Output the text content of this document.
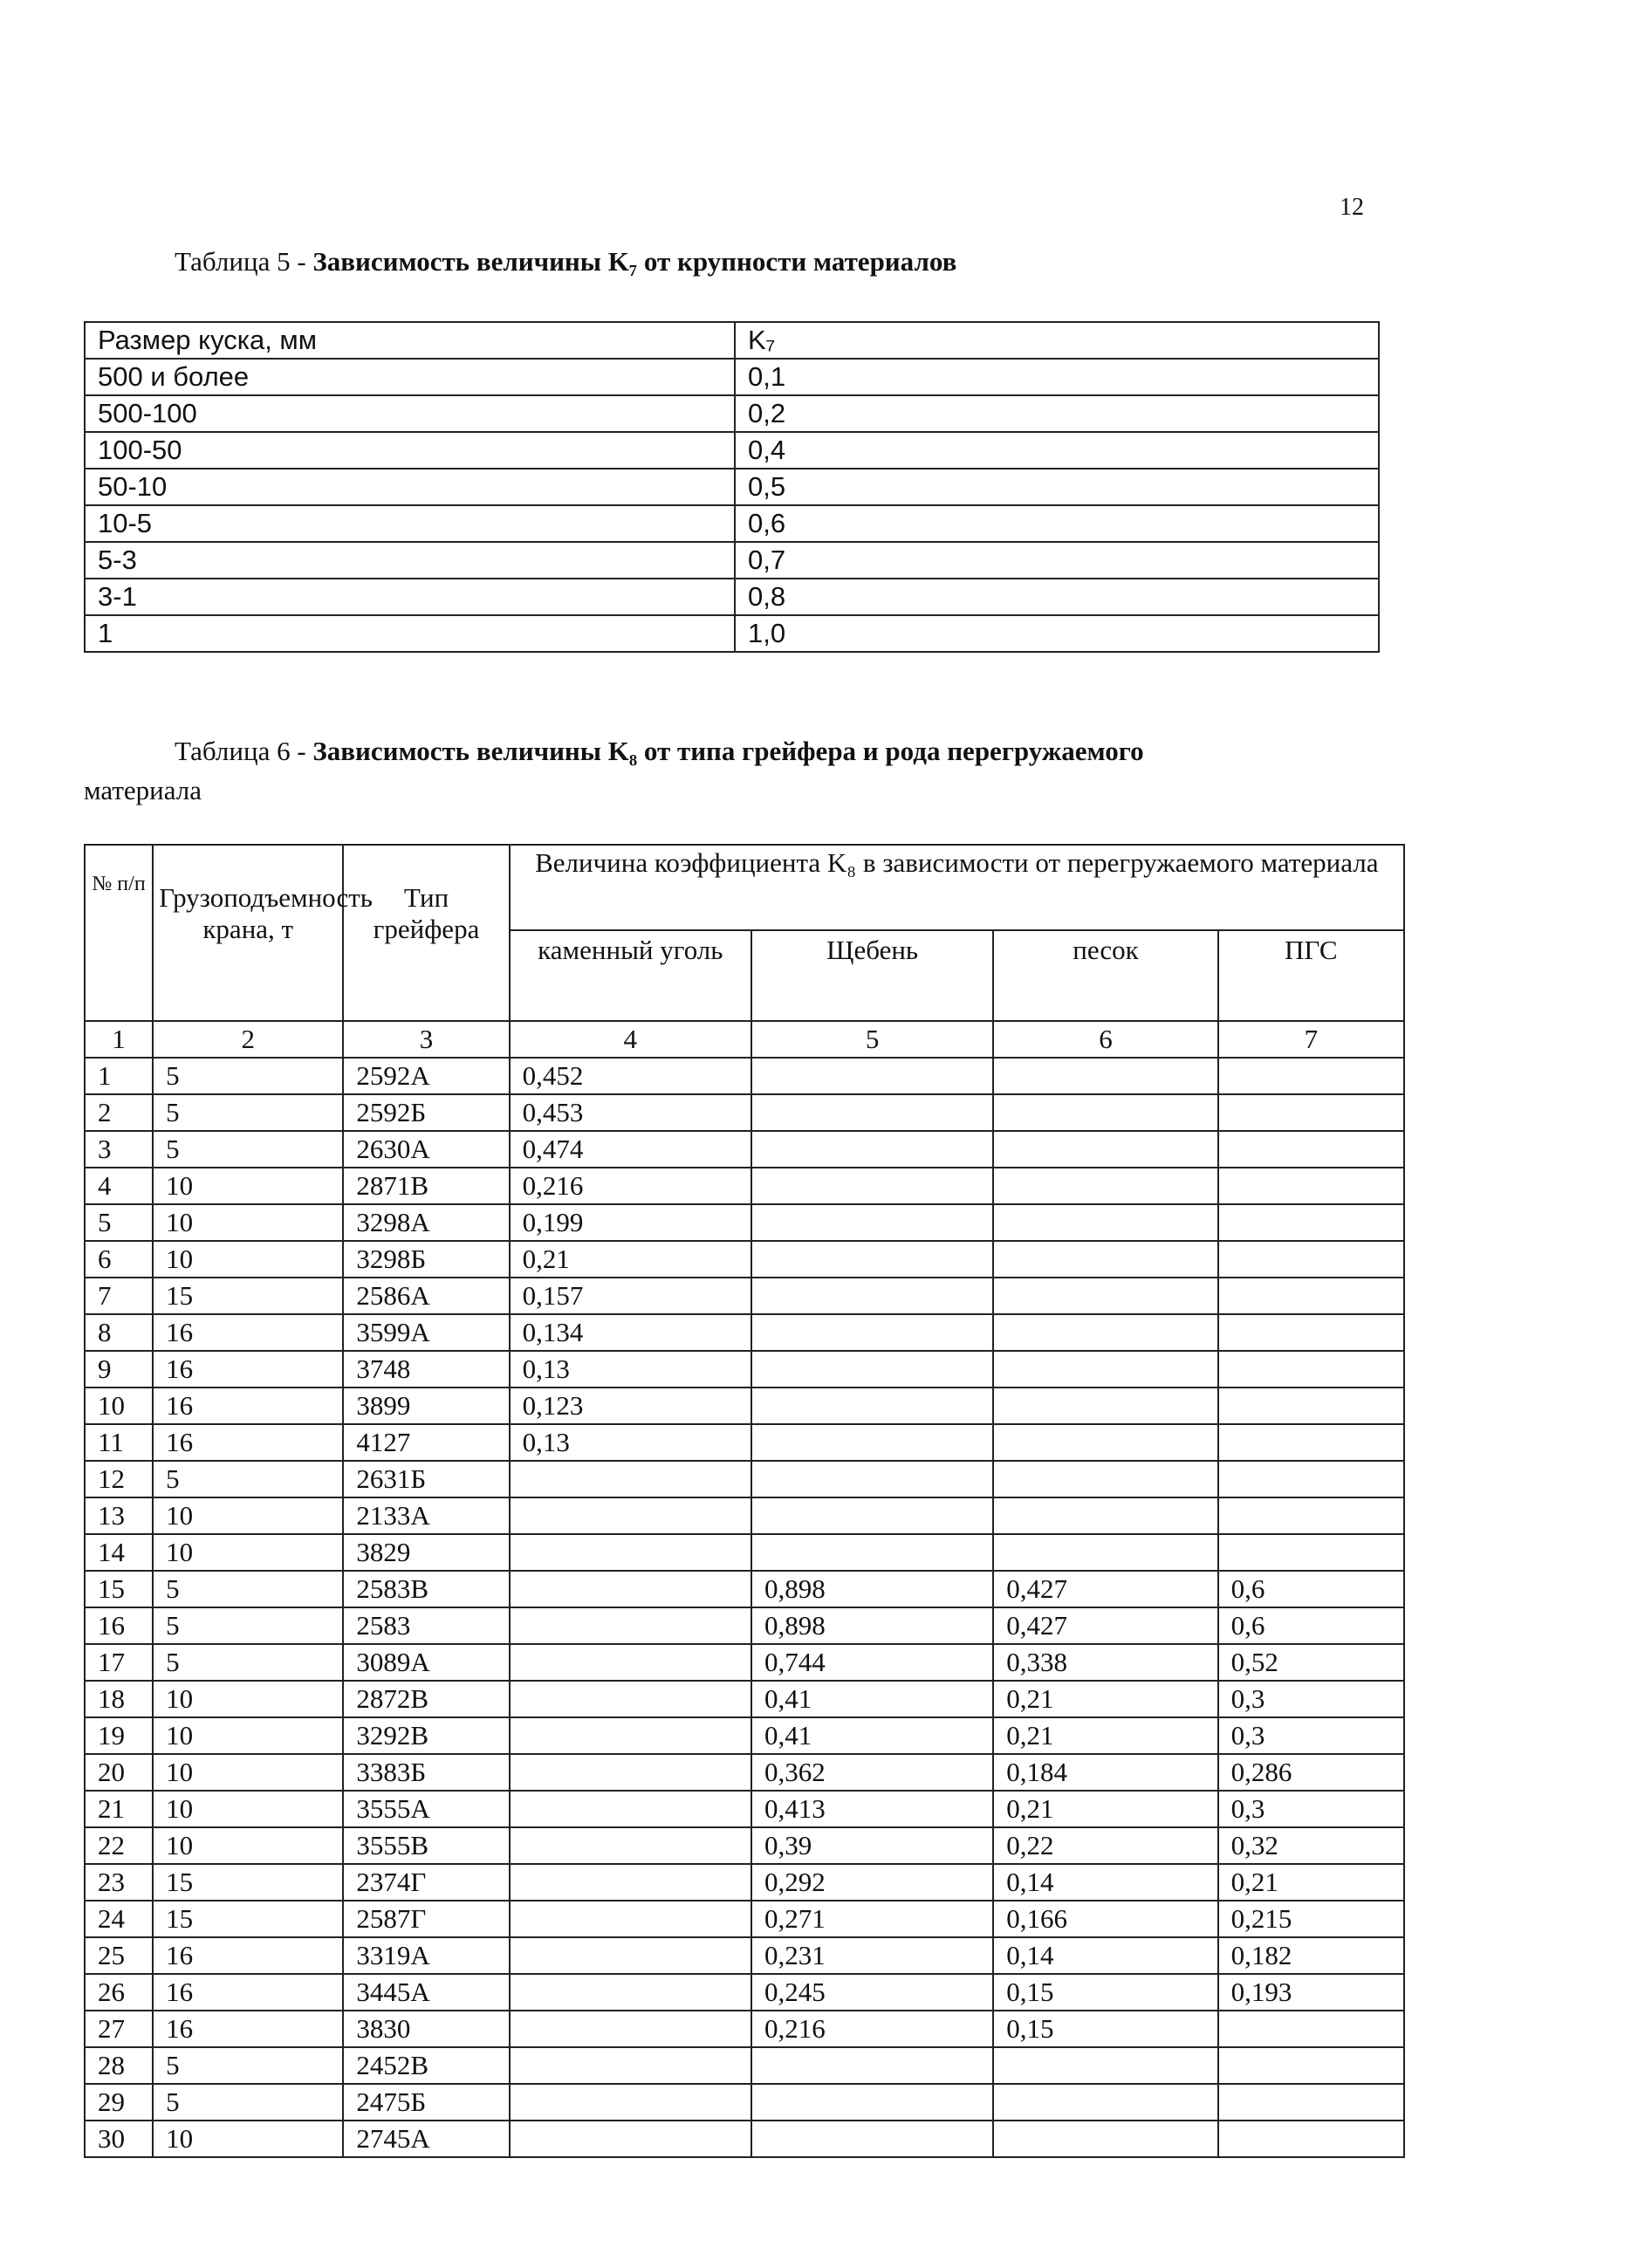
12
Таблица 5 - Зависимость величины K₇ от крупности материалов
Размер куска, мм	K₇
500 и более	0,1
500-100	0,2
100-50	0,4
50-10	0,5
10-5	0,6
5-3	0,7
3-1	0,8
1	1,0
Таблица 6 - Зависимость величины K₈ от типа грейфера и рода перегружаемого
материала
№ п/п	Грузоподъемность крана, т	Тип грейфера	Величина коэффициента K₈ в зависимости от перегружаемого материала			
			каменный уголь	Щебень	песок	ПГС
1	2	3	4	5	6	7
1	5	2592A	0,452			
2	5	2592Б	0,453			
3	5	2630A	0,474			
4	10	2871B	0,216			
5	10	3298A	0,199			
6	10	3298Б	0,21			
7	15	2586A	0,157			
8	16	3599A	0,134			
9	16	3748	0,13			
10	16	3899	0,123			
11	16	4127	0,13			
12	5	2631Б				
13	10	2133A				
14	10	3829				
15	5	2583B		0,898	0,427	0,6
16	5	2583		0,898	0,427	0,6
17	5	3089A		0,744	0,338	0,52
18	10	2872B		0,41	0,21	0,3
19	10	3292B		0,41	0,21	0,3
20	10	3383Б		0,362	0,184	0,286
21	10	3555A		0,413	0,21	0,3
22	10	3555B		0,39	0,22	0,32
23	15	2374Г		0,292	0,14	0,21
24	15	2587Г		0,271	0,166	0,215
25	16	3319A		0,231	0,14	0,182
26	16	3445A		0,245	0,15	0,193
27	16	3830		0,216	0,15	
28	5	2452B				
29	5	2475Б				
30	10	2745A				
